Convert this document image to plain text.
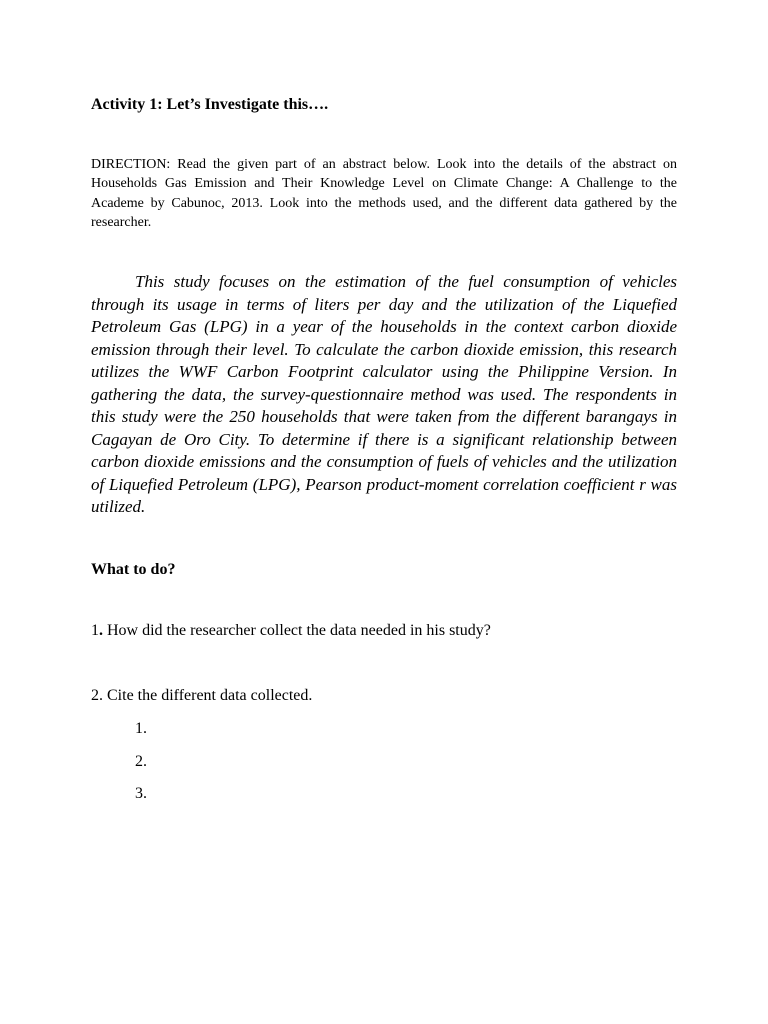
Activity 1: Let’s Investigate this….
DIRECTION: Read the given part of an abstract below. Look into the details of the abstract on Households Gas Emission and Their Knowledge Level on Climate Change: A Challenge to the Academe by Cabunoc, 2013. Look into the methods used, and the different data gathered by the researcher.
This study focuses on the estimation of the fuel consumption of vehicles through its usage in terms of liters per day and the utilization of the Liquefied Petroleum Gas (LPG) in a year of the households in the context carbon dioxide emission through their level. To calculate the carbon dioxide emission, this research utilizes the WWF Carbon Footprint calculator using the Philippine Version. In gathering the data, the survey-questionnaire method was used. The respondents in this study were the 250 households that were taken from the different barangays in Cagayan de Oro City. To determine if there is a significant relationship between carbon dioxide emissions and the consumption of fuels of vehicles and the utilization of Liquefied Petroleum (LPG), Pearson product-moment correlation coefficient r was utilized.
What to do?
1. How did the researcher collect the data needed in his study?
2. Cite the different data collected.
1.
2.
3.
